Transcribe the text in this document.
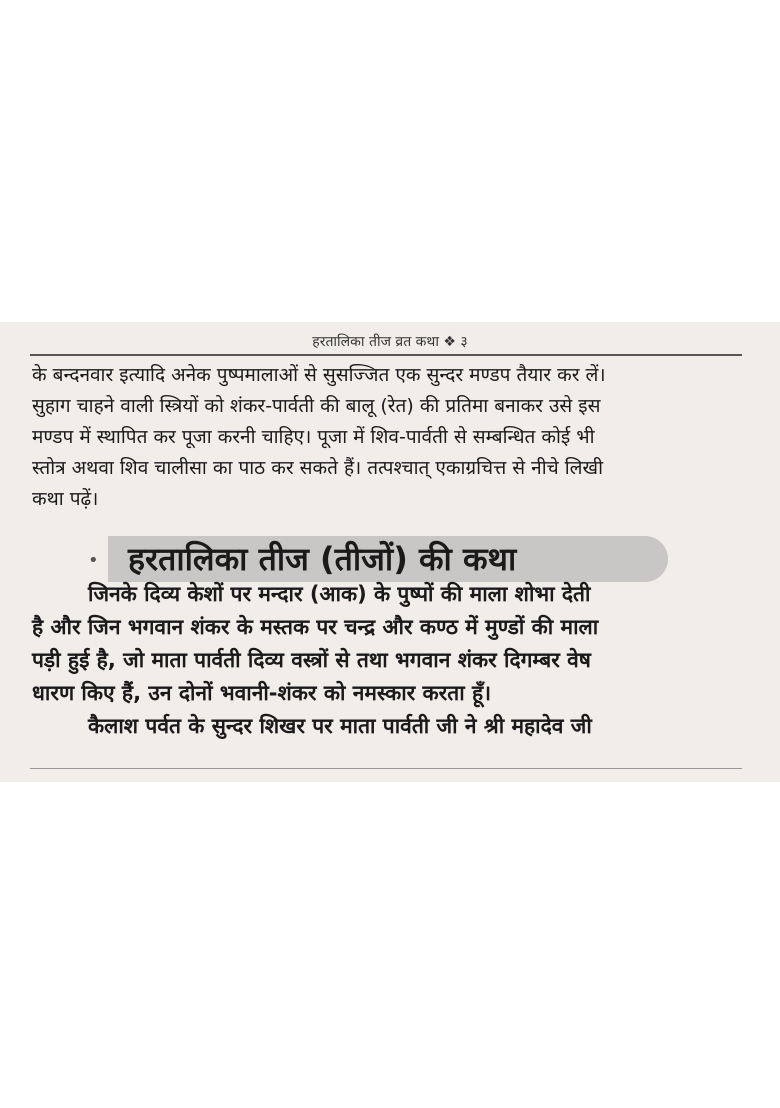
हरतालिका तीज व्रत कथा ❖ ३
के बन्दनवार इत्यादि अनेक पुष्पमालाओं से सुसज्जित एक सुन्दर मण्डप तैयार कर लें।
सुहाग चाहने वाली स्त्रियों को शंकर-पार्वती की बालू (रेत) की प्रतिमा बनाकर उसे इस
मण्डप में स्थापित कर पूजा करनी चाहिए। पूजा में शिव-पार्वती से सम्बन्धित कोई भी
स्तोत्र अथवा शिव चालीसा का पाठ कर सकते हैं। तत्पश्चात् एकाग्रचित्त से नीचे लिखी
कथा पढ़ें।
• हरतालिका तीज (तीजों) की कथा
जिनके दिव्य केशों पर मन्दार (आक) के पुष्पों की माला शोभा देती
है और जिन भगवान शंकर के मस्तक पर चन्द्र और कण्ठ में मुण्डों की माला
पड़ी हुई है, जो माता पार्वती दिव्य वस्त्रों से तथा भगवान शंकर दिगम्बर वेष
धारण किए हैं, उन दोनों भवानी-शंकर को नमस्कार करता हूँ।
कैलाश पर्वत के सुन्दर शिखर पर माता पार्वती जी ने श्री महादेव जी
